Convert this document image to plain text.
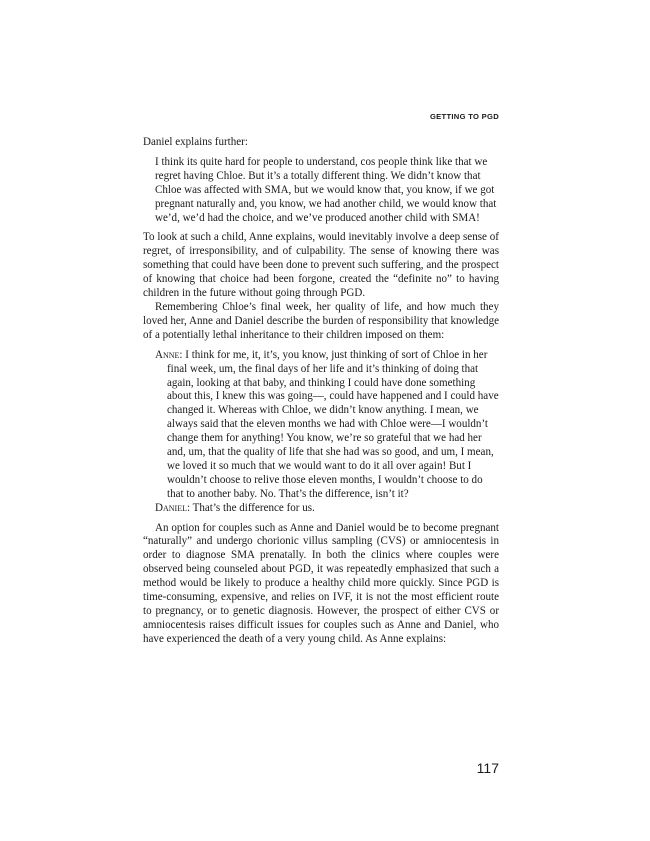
GETTING TO PGD

Daniel explains further:

I think its quite hard for people to understand, cos people think like that we regret having Chloe. But it’s a totally different thing. We didn’t know that Chloe was affected with SMA, but we would know that, you know, if we got pregnant naturally and, you know, we had another child, we would know that we’d, we’d had the choice, and we’ve produced another child with SMA!

To look at such a child, Anne explains, would inevitably involve a deep sense of regret, of irresponsibility, and of culpability. The sense of knowing there was something that could have been done to prevent such suffering, and the prospect of knowing that choice had been forgone, created the “definite no” to having children in the future without going through PGD.

Remembering Chloe’s final week, her quality of life, and how much they loved her, Anne and Daniel describe the burden of responsibility that knowledge of a potentially lethal inheritance to their children imposed on them:

Anne: I think for me, it, it’s, you know, just thinking of sort of Chloe in her final week, um, the final days of her life and it’s thinking of doing that again, looking at that baby, and thinking I could have done something about this, I knew this was going—, could have happened and I could have changed it. Whereas with Chloe, we didn’t know anything. I mean, we always said that the eleven months we had with Chloe were—I wouldn’t change them for anything! You know, we’re so grateful that we had her and, um, that the quality of life that she had was so good, and um, I mean, we loved it so much that we would want to do it all over again! But I wouldn’t choose to relive those eleven months, I wouldn’t choose to do that to another baby. No. That’s the difference, isn’t it?

Daniel: That’s the difference for us.

An option for couples such as Anne and Daniel would be to become pregnant “naturally” and undergo chorionic villus sampling (CVS) or amniocentesis in order to diagnose SMA prenatally. In both the clinics where couples were observed being counseled about PGD, it was repeatedly emphasized that such a method would be likely to produce a healthy child more quickly. Since PGD is time-consuming, expensive, and relies on IVF, it is not the most efficient route to pregnancy, or to genetic diagnosis. However, the prospect of either CVS or amniocentesis raises difficult issues for couples such as Anne and Daniel, who have experienced the death of a very young child. As Anne explains:

117
